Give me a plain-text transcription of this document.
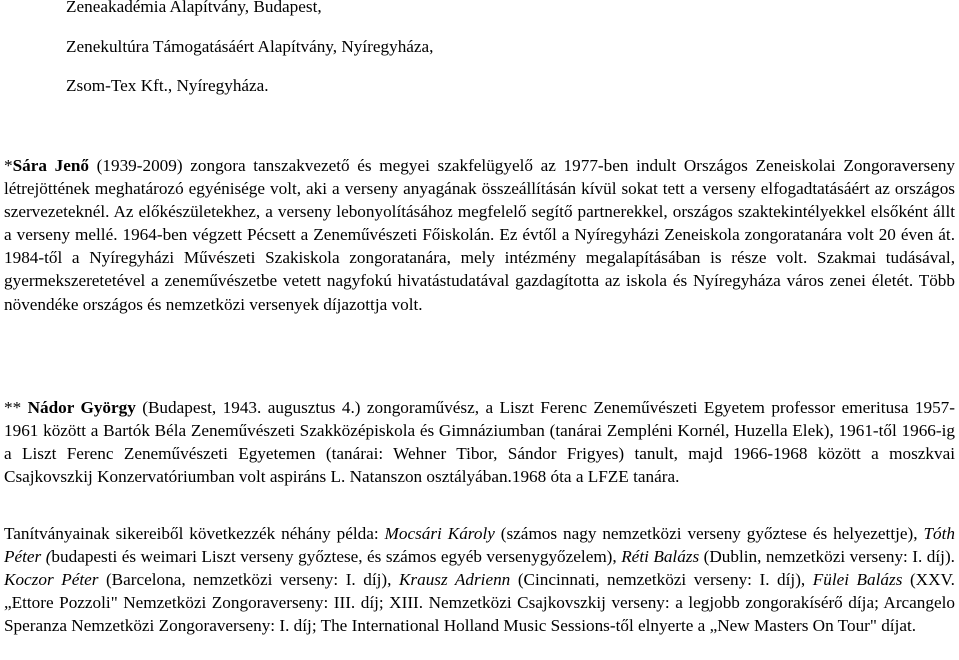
Zeneakadémia Alapítvány, Budapest,
Zenekultúra Támogatásáért Alapítvány, Nyíregyháza,
Zsom-Tex Kft., Nyíregyháza.

*Sára Jenő (1939-2009) zongora tanszakvezető és megyei szakfelügyelő az 1977-ben indult Országos Zeneiskolai Zongoraverseny létrejöttének meghatározó egyénisége volt, aki a verseny anyagának összeállításán kívül sokat tett a verseny elfogadtatásáért az országos szervezeteknél. Az előkészületekhez, a verseny lebonyolításához megfelelő segítő partnerekkel, országos szaktekintélyekkel elsőként állt a verseny mellé. 1964-ben végzett Pécsett a Zeneművészeti Főiskolán. Ez évtől a Nyíregyházi Zeneiskola zongoratanára volt 20 éven át. 1984-től a Nyíregyházi Művészeti Szakiskola zongoratanára, mely intézmény megalapításában is része volt. Szakmai tudásával, gyermekszeretetével a zeneművészetbe vetett nagyfokú hivatástudatával gazdagította az iskola és Nyíregyháza város zenei életét. Több növendéke országos és nemzetközi versenyek díjazottja volt.

** Nádor György (Budapest, 1943. augusztus 4.) zongoraművész, a Liszt Ferenc Zeneművészeti Egyetem professor emeritusa 1957-1961 között a Bartók Béla Zeneművészeti Szakközépiskola és Gimnáziumban (tanárai Zempléni Kornél, Huzella Elek), 1961-től 1966-ig a Liszt Ferenc Zeneművészeti Egyetemen (tanárai: Wehner Tibor, Sándor Frigyes) tanult, majd 1966-1968 között a moszkvai Csajkovszkij Konzervatóriumban volt aspiráns L. Natanszon osztályában.1968 óta a LFZE tanára.

Tanítványainak sikereiből következzék néhány példa: Mocsári Károly (számos nagy nemzetközi verseny győztese és helyezettje), Tóth Péter (budapesti és weimari Liszt verseny győztese, és számos egyéb versenygyőzelem), Réti Balázs (Dublin, nemzetközi verseny: I. díj). Koczor Péter (Barcelona, nemzetközi verseny: I. díj), Krausz Adrienn (Cincinnati, nemzetközi verseny: I. díj), Fülei Balázs (XXV. „Ettore Pozzoli" Nemzetközi Zongoraverseny: III. díj; XIII. Nemzetközi Csajkovszkij verseny: a legjobb zongorakísérő díja; Arcangelo Speranza Nemzetközi Zongoraverseny: I. díj; The International Holland Music Sessions-től elnyerte a „New Masters On Tour" díjat.
